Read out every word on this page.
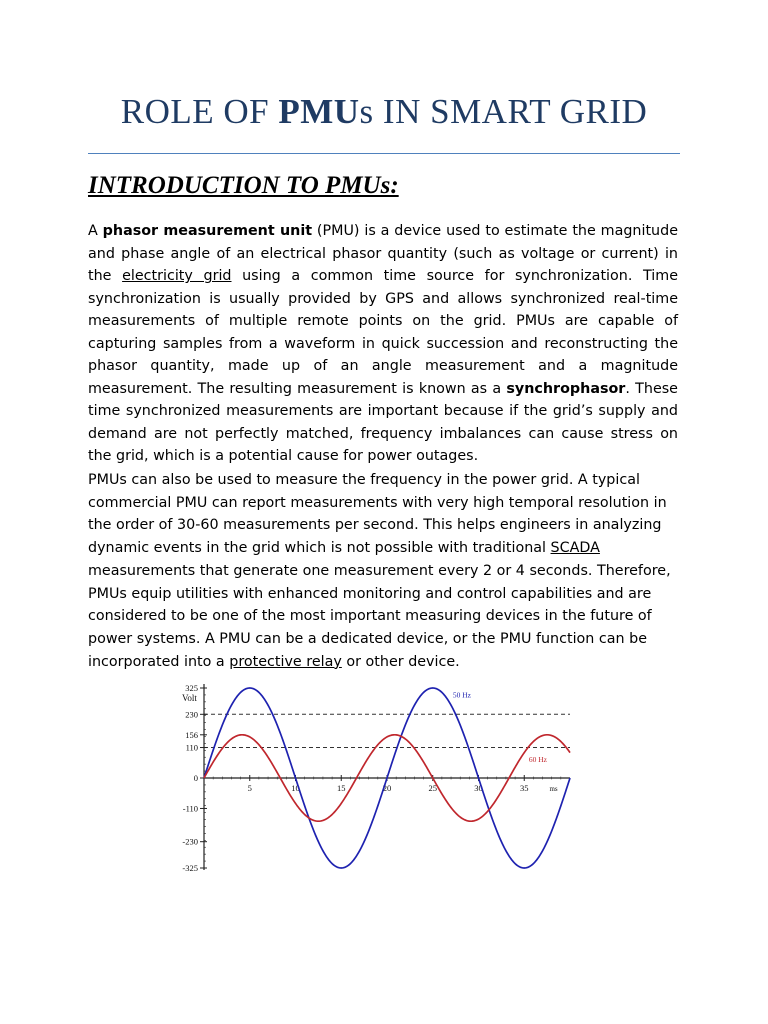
ROLE OF PMUs IN SMART GRID
INTRODUCTION TO PMUs:
A phasor measurement unit (PMU) is a device used to estimate the magnitude and phase angle of an electrical phasor quantity (such as voltage or current) in the electricity grid using a common time source for synchronization. Time synchronization is usually provided by GPS and allows synchronized real-time measurements of multiple remote points on the grid. PMUs are capable of capturing samples from a waveform in quick succession and reconstructing the phasor quantity, made up of an angle measurement and a magnitude measurement. The resulting measurement is known as a synchrophasor. These time synchronized measurements are important because if the grid’s supply and demand are not perfectly matched, frequency imbalances can cause stress on the grid, which is a potential cause for power outages.
PMUs can also be used to measure the frequency in the power grid. A typical commercial PMU can report measurements with very high temporal resolution in the order of 30-60 measurements per second. This helps engineers in analyzing dynamic events in the grid which is not possible with traditional SCADA measurements that generate one measurement every 2 or 4 seconds. Therefore, PMUs equip utilities with enhanced monitoring and control capabilities and are considered to be one of the most important measuring devices in the future of power systems. A PMU can be a dedicated device, or the PMU function can be incorporated into a protective relay or other device.
325
230
156
110
0
-110
-230
-325
Volt
5	10	15	20	25	30	35	ms
50 Hz
60 Hz
